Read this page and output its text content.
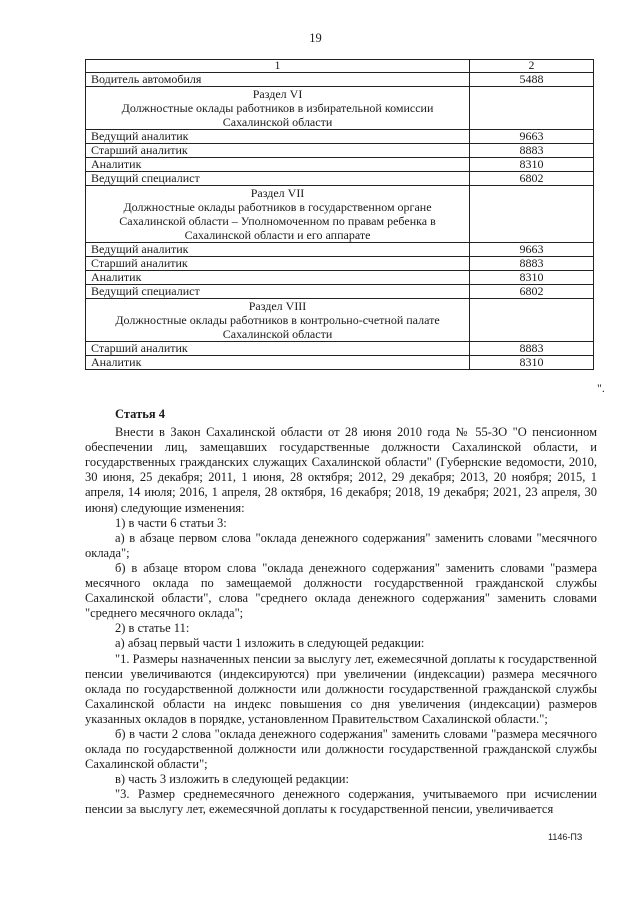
19
1	2
Водитель автомобиля	5488

Раздел VI
Должностные оклады работников в избирательной комиссии
Сахалинской области	

Ведущий аналитик	9663
Старший аналитик	8883
Аналитик	8310
Ведущий специалист	6802

Раздел VII
Должностные оклады работников в государственном органе
Сахалинской области – Уполномоченном по правам ребенка в
Сахалинской области и его аппарате	

Ведущий аналитик	9663
Старший аналитик	8883
Аналитик	8310
Ведущий специалист	6802

Раздел VIII
Должностные оклады работников в контрольно-счетной палате
Сахалинской области	

Старший аналитик	8883
Аналитик	8310
".

Статья 4

Внести в Закон Сахалинской области от 28 июня 2010 года № 55-ЗО "О пенсионном обеспечении лиц, замещавших государственные должности Сахалинской области, и государственных гражданских служащих Сахалинской области" (Губернские ведомости, 2010, 30 июня, 25 декабря; 2011, 1 июня, 28 октября; 2012, 29 декабря; 2013, 20 ноября; 2015, 1 апреля, 14 июля; 2016, 1 апреля, 28 октября, 16 декабря; 2018, 19 декабря; 2021, 23 апреля, 30 июня) следующие изменения:

1) в части 6 статьи 3:

а) в абзаце первом слова "оклада денежного содержания" заменить словами "месячного оклада";

б) в абзаце втором слова "оклада денежного содержания" заменить словами "размера месячного оклада по замещаемой должности государственной гражданской службы Сахалинской области", слова "среднего оклада денежного содержания" заменить словами "среднего месячного оклада";

2) в статье 11:

а) абзац первый части 1 изложить в следующей редакции:

"1. Размеры назначенных пенсии за выслугу лет, ежемесячной доплаты к государственной пенсии увеличиваются (индексируются) при увеличении (индексации) размера месячного оклада по государственной должности или должности государственной гражданской службы Сахалинской области на индекс повышения со дня увеличения (индексации) размеров указанных окладов в порядке, установленном Правительством Сахалинской области.";

б) в части 2 слова "оклада денежного содержания" заменить словами "размера месячного оклада по государственной должности или должности государственной гражданской службы Сахалинской области";

в) часть 3 изложить в следующей редакции:

"3. Размер среднемесячного денежного содержания, учитываемого при исчислении пенсии за выслугу лет, ежемесячной доплаты к государственной пенсии, увеличивается

1146-ПЗ
